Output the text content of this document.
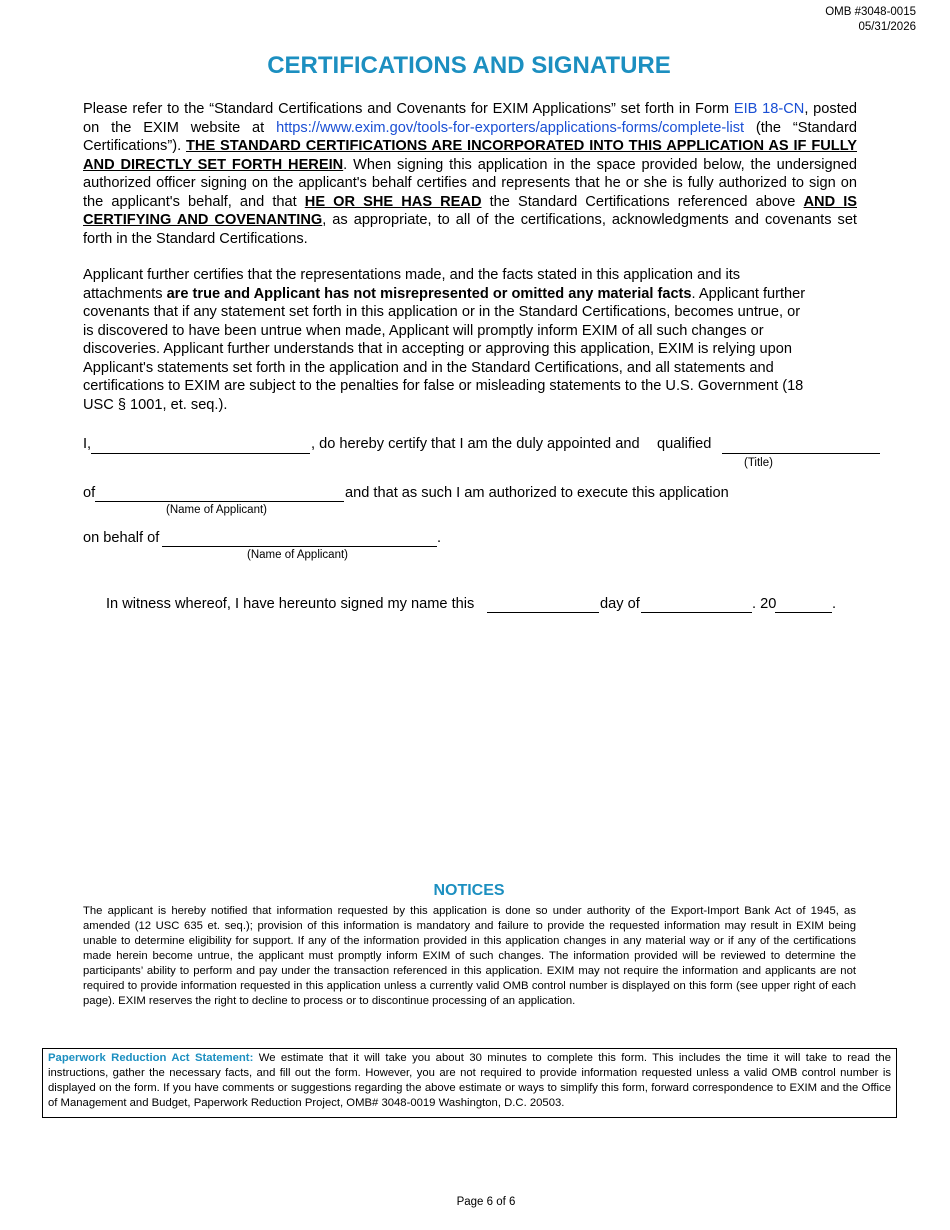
OMB #3048-0015
05/31/2026
CERTIFICATIONS AND SIGNATURE
Please refer to the “Standard Certifications and Covenants for EXIM Applications” set forth in Form EIB 18-CN, posted on the EXIM website at https://www.exim.gov/tools-for-exporters/applications-forms/complete-list (the “Standard Certifications”). THE STANDARD CERTIFICATIONS ARE INCORPORATED INTO THIS APPLICATION AS IF FULLY AND DIRECTLY SET FORTH HEREIN. When signing this application in the space provided below, the undersigned authorized officer signing on the applicant's behalf certifies and represents that he or she is fully authorized to sign on the applicant's behalf, and that HE OR SHE HAS READ the Standard Certifications referenced above AND IS CERTIFYING AND COVENANTING, as appropriate, to all of the certifications, acknowledgments and covenants set forth in the Standard Certifications.
Applicant further certifies that the representations made, and the facts stated in this application and its
attachments are true and Applicant has not misrepresented or omitted any material facts. Applicant further
covenants that if any statement set forth in this application or in the Standard Certifications, becomes untrue, or
is discovered to have been untrue when made, Applicant will promptly inform EXIM of all such changes or
discoveries. Applicant further understands that in accepting or approving this application, EXIM is relying upon
Applicant's statements set forth in the application and in the Standard Certifications, and all statements and
certifications to EXIM are subject to the penalties for false or misleading statements to the U.S. Government (18
USC § 1001, et. seq.).
I,	, do hereby certify that I am the duly appointed and qualified
(Title)
of	and that as such I am authorized to execute this application
(Name of Applicant)
on behalf of	.
(Name of Applicant)
In witness whereof, I have hereunto signed my name this	day of	. 20	.
NOTICES
The applicant is hereby notified that information requested by this application is done so under authority of the Export-Import Bank Act of 1945, as amended (12 USC 635 et. seq.); provision of this information is mandatory and failure to provide the requested information may result in EXIM being unable to determine eligibility for support. If any of the information provided in this application changes in any material way or if any of the certifications made herein become untrue, the applicant must promptly inform EXIM of such changes. The information provided will be reviewed to determine the participants’ ability to perform and pay under the transaction referenced in this application. EXIM may not require the information and applicants are not required to provide information requested in this application unless a currently valid OMB control number is displayed on this form (see upper right of each page). EXIM reserves the right to decline to process or to discontinue processing of an application.
Paperwork Reduction Act Statement: We estimate that it will take you about 30 minutes to complete this form. This includes the time it will take to read the instructions, gather the necessary facts, and fill out the form. However, you are not required to provide information requested unless a valid OMB control number is displayed on the form. If you have comments or suggestions regarding the above estimate or ways to simplify this form, forward correspondence to EXIM and the Office of Management and Budget, Paperwork Reduction Project, OMB# 3048-0019 Washington, D.C. 20503.
Page 6 of 6
